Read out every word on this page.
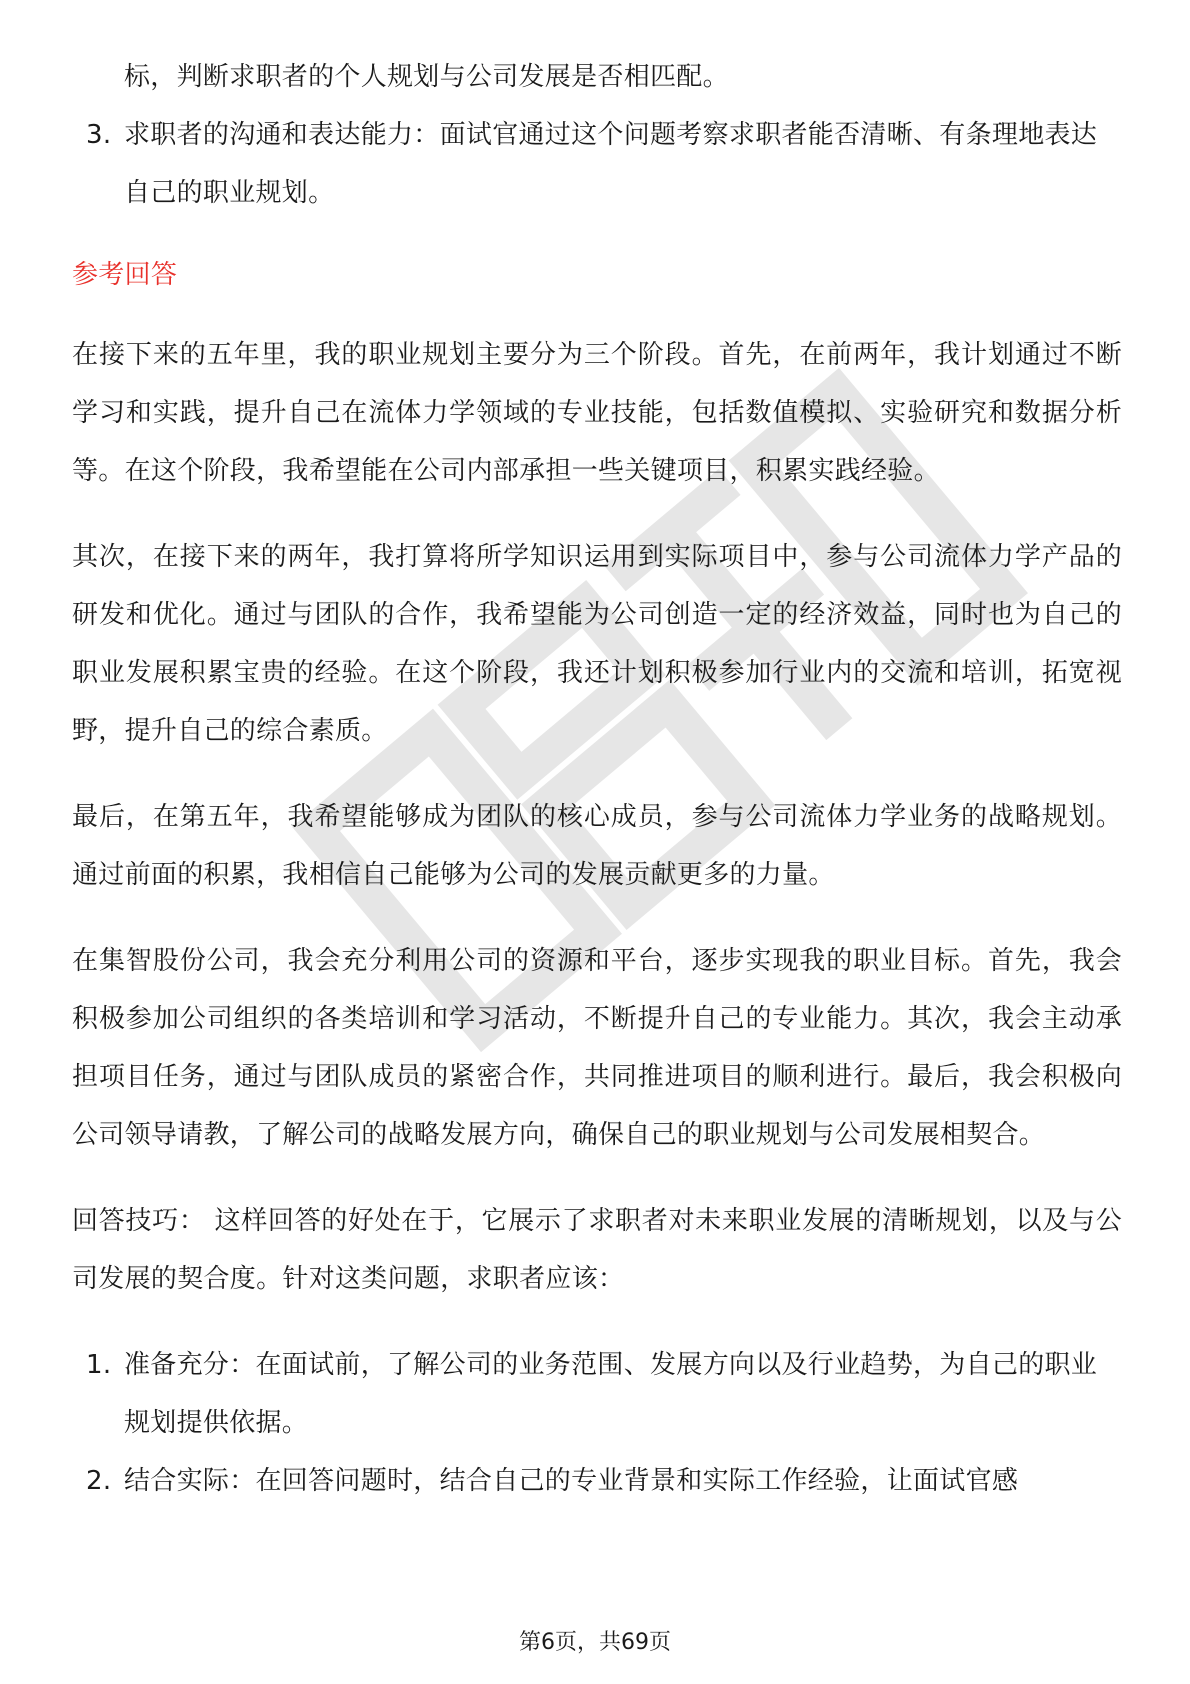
标，判断求职者的个人规划与公司发展是否相匹配。

3. 求职者的沟通和表达能力：面试官通过这个问题考察求职者能否清晰、有条理地表达自己的职业规划。
参考回答

在接下来的五年里，我的职业规划主要分为三个阶段。首先，在前两年，我计划通过不断学习和实践，提升自己在流体力学领域的专业技能，包括数值模拟、实验研究和数据分析等。在这个阶段，我希望能在公司内部承担一些关键项目，积累实践经验。

其次，在接下来的两年，我打算将所学知识运用到实际项目中，参与公司流体力学产品的研发和优化。通过与团队的合作，我希望能为公司创造一定的经济效益，同时也为自己的职业发展积累宝贵的经验。在这个阶段，我还计划积极参加行业内的交流和培训，拓宽视野，提升自己的综合素质。

最后，在第五年，我希望能够成为团队的核心成员，参与公司流体力学业务的战略规划。通过前面的积累，我相信自己能够为公司的发展贡献更多的力量。

在集智股份公司，我会充分利用公司的资源和平台，逐步实现我的职业目标。首先，我会积极参加公司组织的各类培训和学习活动，不断提升自己的专业能力。其次，我会主动承担项目任务，通过与团队成员的紧密合作，共同推进项目的顺利进行。最后，我会积极向公司领导请教，了解公司的战略发展方向，确保自己的职业规划与公司发展相契合。

回答技巧： 这样回答的好处在于，它展示了求职者对未来职业发展的清晰规划，以及与公司发展的契合度。针对这类问题，求职者应该：

1. 准备充分：在面试前，了解公司的业务范围、发展方向以及行业趋势，为自己的职业规划提供依据。
2. 结合实际：在回答问题时，结合自己的专业背景和实际工作经验，让面试官感
第6页，共69页
